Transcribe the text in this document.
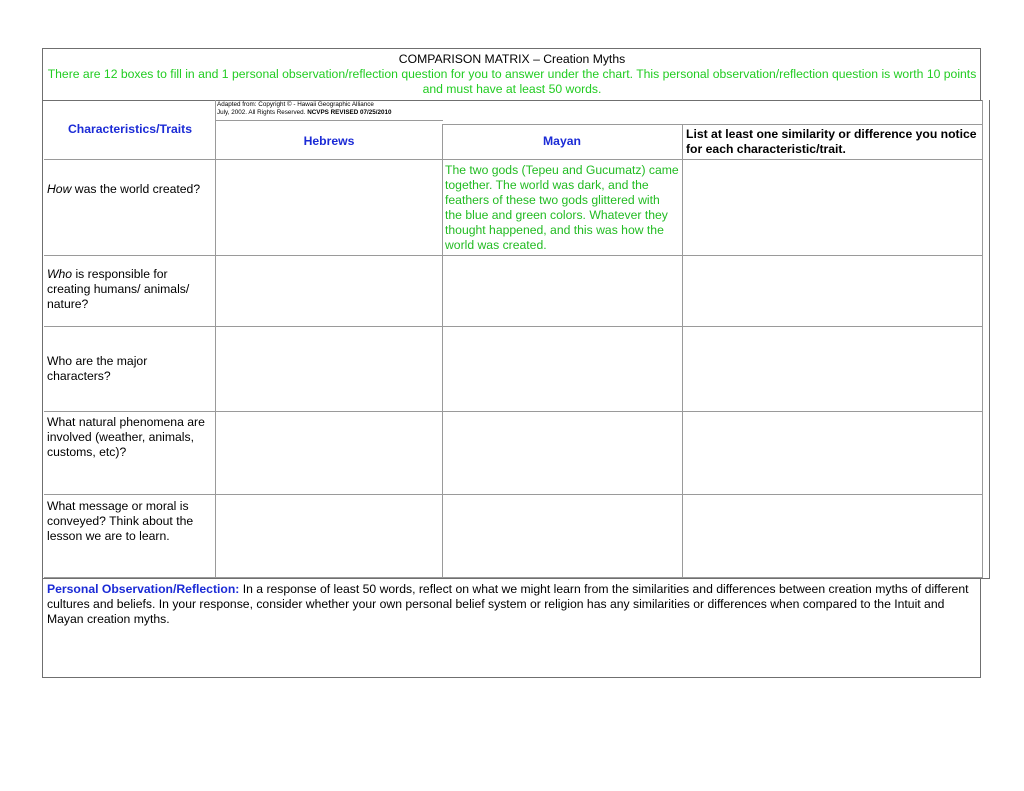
COMPARISON MATRIX – Creation Myths
There are 12 boxes to fill in and 1 personal observation/reflection question for you to answer under the chart. This personal observation/reflection question is worth 10 points and must have at least 50 words.
Adapted from: Copyright © - Hawaii Geographic Alliance
July, 2002. All Rights Reserved. NCVPS REVISED 07/25/2010
Characteristics/Traits
Hebrews	Mayan	List at least one similarity or difference you notice for each characteristic/trait.
How was the world created?
Who is responsible for creating humans/ animals/ nature?
Who are the major characters?
What natural phenomena are involved (weather, animals, customs, etc)?
What message or moral is conveyed? Think about the lesson we are to learn.
The two gods (Tepeu and Gucumatz) came together. The world was dark, and the feathers of these two gods glittered with the blue and green colors. Whatever they thought happened, and this was how the world was created.
Personal Observation/Reflection: In a response of least 50 words, reflect on what we might learn from the similarities and differences between creation myths of different cultures and beliefs. In your response, consider whether your own personal belief system or religion has any similarities or differences when compared to the Intuit and Mayan creation myths.
